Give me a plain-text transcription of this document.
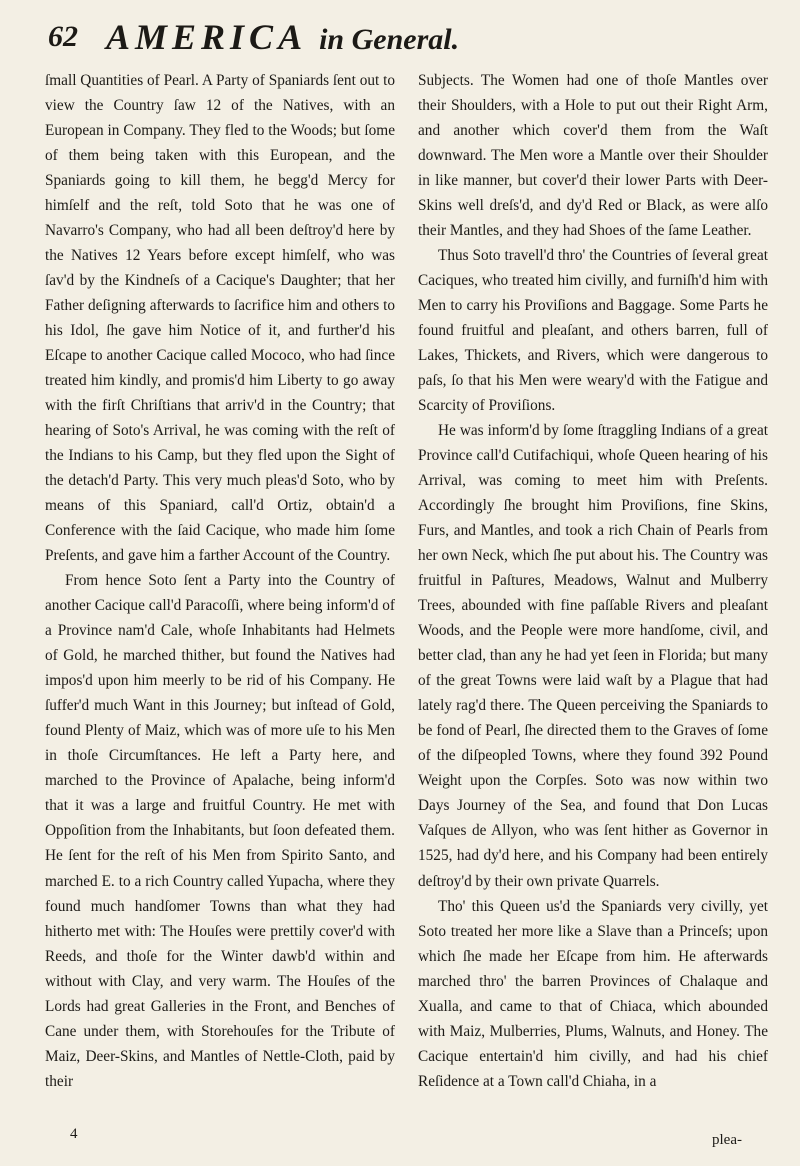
62 AMERICA in General.

ſmall Quantities of Pearl. A Party of Spaniards ſent out to view the Country ſaw 12 of the Natives, with an European in Company. They fled to the Woods; but ſome of them being taken with this European, and the Spaniards going to kill them, he begg'd Mercy for himſelf and the reſt, told Soto that he was one of Navarro's Company, who had all been deſtroy'd here by the Natives 12 Years before except himſelf, who was ſav'd by the Kindneſs of a Cacique's Daughter; that her Father deſigning afterwards to ſacrifice him and others to his Idol, ſhe gave him Notice of it, and further'd his Eſcape to another Cacique called Mococo, who had ſince treated him kindly, and promis'd him Liberty to go away with the firſt Chriſtians that arriv'd in the Country; that hearing of Soto's Arrival, he was coming with the reſt of the Indians to his Camp, but they fled upon the Sight of the detach'd Party. This very much pleas'd Soto, who by means of this Spaniard, call'd Ortiz, obtain'd a Conference with the ſaid Cacique, who made him ſome Preſents, and gave him a farther Account of the Country.

From hence Soto ſent a Party into the Country of another Cacique call'd Paracoſſi, where being inform'd of a Province nam'd Cale, whoſe Inhabitants had Helmets of Gold, he marched thither, but found the Natives had impos'd upon him meerly to be rid of his Company. He ſuffer'd much Want in this Journey; but inſtead of Gold, found Plenty of Maiz, which was of more uſe to his Men in thoſe Circumſtances. He left a Party here, and marched to the Province of Apalache, being inform'd that it was a large and fruitful Country. He met with Oppoſition from the Inhabitants, but ſoon defeated them. He ſent for the reſt of his Men from Spirito Santo, and marched E. to a rich Country called Yupacha, where they found much handſomer Towns than what they had hitherto met with: The Houſes were prettily cover'd with Reeds, and thoſe for the Winter dawb'd within and without with Clay, and very warm. The Houſes of the Lords had great Galleries in the Front, and Benches of Cane under them, with Storehouſes for the Tribute of Maiz, Deer-Skins, and Mantles of Nettle-Cloth, paid by their

Subjects. The Women had one of thoſe Mantles over their Shoulders, with a Hole to put out their Right Arm, and another which cover'd them from the Waſt downward. The Men wore a Mantle over their Shoulder in like manner, but cover'd their lower Parts with Deer-Skins well dreſs'd, and dy'd Red or Black, as were alſo their Mantles, and they had Shoes of the ſame Leather.

Thus Soto travell'd thro' the Countries of ſeveral great Caciques, who treated him civilly, and furniſh'd him with Men to carry his Proviſions and Baggage. Some Parts he found fruitful and pleaſant, and others barren, full of Lakes, Thickets, and Rivers, which were dangerous to paſs, ſo that his Men were weary'd with the Fatigue and Scarcity of Proviſions.

He was inform'd by ſome ſtraggling Indians of a great Province call'd Cutifachiqui, whoſe Queen hearing of his Arrival, was coming to meet him with Preſents. Accordingly ſhe brought him Proviſions, fine Skins, Furs, and Mantles, and took a rich Chain of Pearls from her own Neck, which ſhe put about his. The Country was fruitful in Paſtures, Meadows, Walnut and Mulberry Trees, abounded with fine paſſable Rivers and pleaſant Woods, and the People were more handſome, civil, and better clad, than any he had yet ſeen in Florida; but many of the great Towns were laid waſt by a Plague that had lately rag'd there. The Queen perceiving the Spaniards to be fond of Pearl, ſhe directed them to the Graves of ſome of the diſpeopled Towns, where they found 392 Pound Weight upon the Corpſes. Soto was now within two Days Journey of the Sea, and found that Don Lucas Vaſques de Allyon, who was ſent hither as Governor in 1525, had dy'd here, and his Company had been entirely deſtroy'd by their own private Quarrels.

Tho' this Queen us'd the Spaniards very civilly, yet Soto treated her more like a Slave than a Princeſs; upon which ſhe made her Eſcape from him. He afterwards marched thro' the barren Provinces of Chalaque and Xualla, and came to that of Chiaca, which abounded with Maiz, Mulberries, Plums, Walnuts, and Honey. The Cacique entertain'd him civilly, and had his chief Reſidence at a Town call'd Chiaha, in a

4	plea-
